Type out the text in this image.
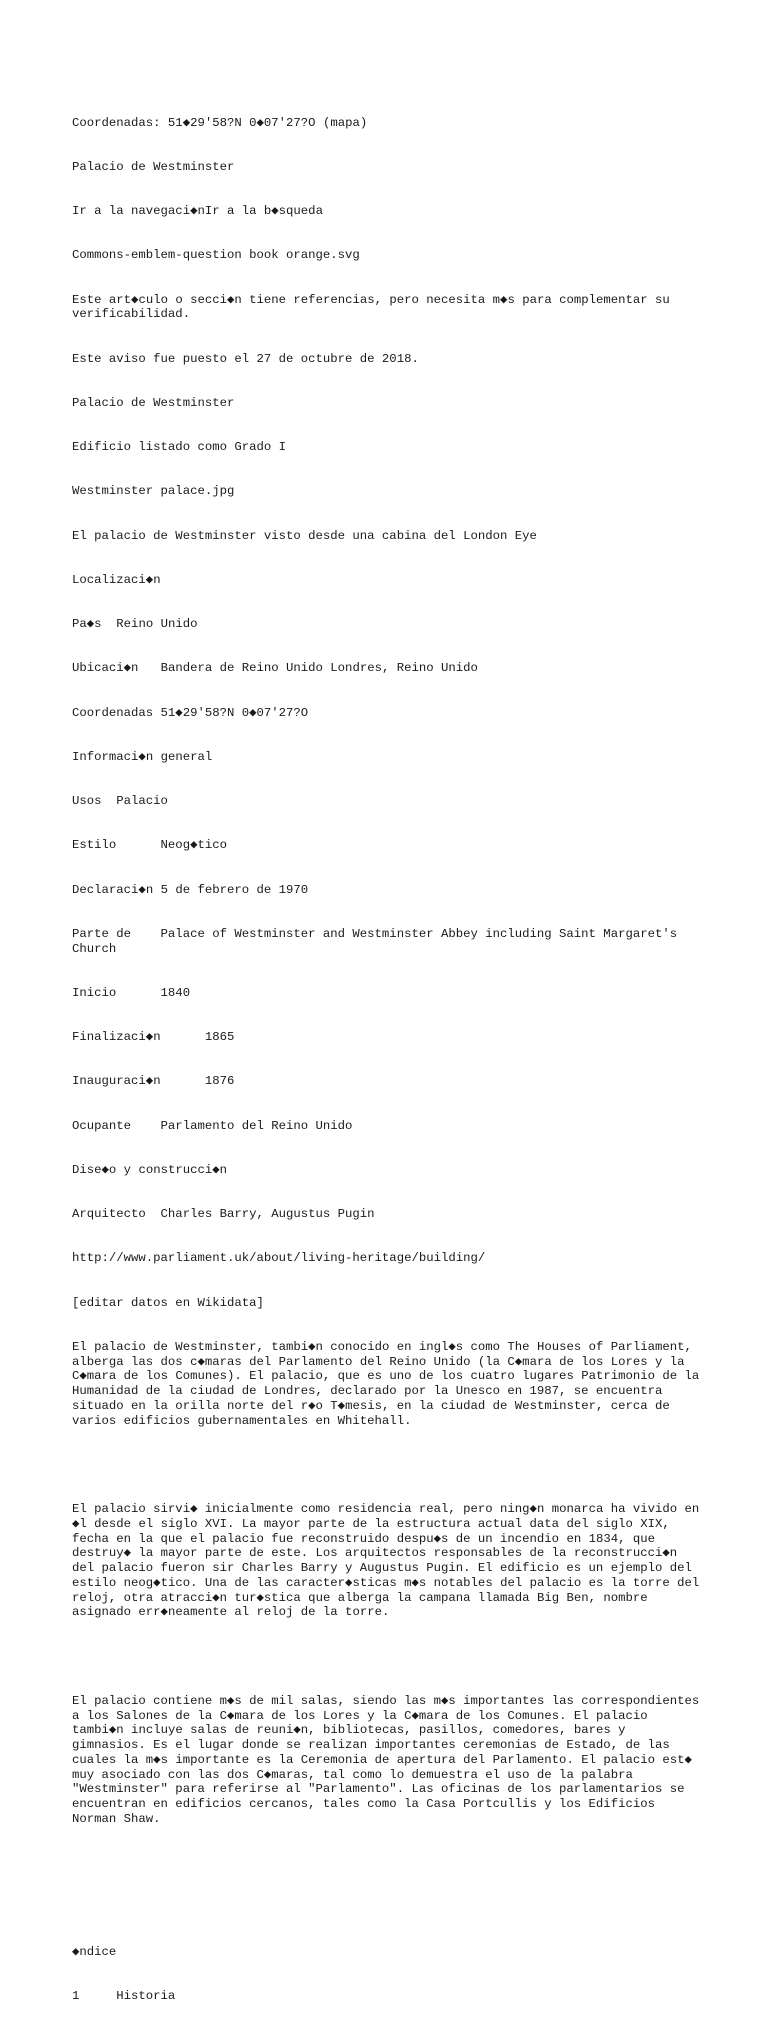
Coordenadas: 51◆29′58?N 0◆07′27?O (mapa)

Palacio de Westminster

Ir a la navegaci◆nIr a la b◆squeda

Commons-emblem-question book orange.svg

Este art◆culo o secci◆n tiene referencias, pero necesita m◆s para complementar su verificabilidad.

Este aviso fue puesto el 27 de octubre de 2018.

Palacio de Westminster

Edificio listado como Grado I

Westminster palace.jpg

El palacio de Westminster visto desde una cabina del London Eye

Localizaci◆n

Pa◆s  Reino Unido

Ubicaci◆n   Bandera de Reino Unido Londres, Reino Unido

Coordenadas 51◆29′58?N 0◆07′27?O

Informaci◆n general

Usos  Palacio

Estilo      Neog◆tico

Declaraci◆n 5 de febrero de 1970

Parte de    Palace of Westminster and Westminster Abbey including Saint Margaret's Church

Inicio      1840

Finalizaci◆n      1865

Inauguraci◆n      1876

Ocupante    Parlamento del Reino Unido

Dise◆o y construcci◆n

Arquitecto  Charles Barry, Augustus Pugin

http://www.parliament.uk/about/living-heritage/building/

[editar datos en Wikidata]

El palacio de Westminster, tambi◆n conocido en ingl◆s como The Houses of Parliament, alberga las dos c◆maras del Parlamento del Reino Unido (la C◆mara de los Lores y la C◆mara de los Comunes). El palacio, que es uno de los cuatro lugares Patrimonio de la Humanidad de la ciudad de Londres, declarado por la Unesco en 1987, se encuentra situado en la orilla norte del r◆o T◆mesis, en la ciudad de Westminster, cerca de varios edificios gubernamentales en Whitehall.

El palacio sirvi◆ inicialmente como residencia real, pero ning◆n monarca ha vivido en ◆l desde el siglo XVI. La mayor parte de la estructura actual data del siglo XIX, fecha en la que el palacio fue reconstruido despu◆s de un incendio en 1834, que destruy◆ la mayor parte de este. Los arquitectos responsables de la reconstrucci◆n del palacio fueron sir Charles Barry y Augustus Pugin. El edificio es un ejemplo del estilo neog◆tico. Una de las caracter◆sticas m◆s notables del palacio es la torre del reloj, otra atracci◆n tur◆stica que alberga la campana llamada Big Ben, nombre asignado err◆neamente al reloj de la torre.

El palacio contiene m◆s de mil salas, siendo las m◆s importantes las correspondientes a los Salones de la C◆mara de los Lores y la C◆mara de los Comunes. El palacio tambi◆n incluye salas de reuni◆n, bibliotecas, pasillos, comedores, bares y gimnasios. Es el lugar donde se realizan importantes ceremonias de Estado, de las cuales la m◆s importante es la Ceremonia de apertura del Parlamento. El palacio est◆ muy asociado con las dos C◆maras, tal como lo demuestra el uso de la palabra "Westminster" para referirse al "Parlamento". Las oficinas de los parlamentarios se encuentran en edificios cercanos, tales como la Casa Portcullis y los Edificios Norman Shaw.

◆ndice

1     Historia
